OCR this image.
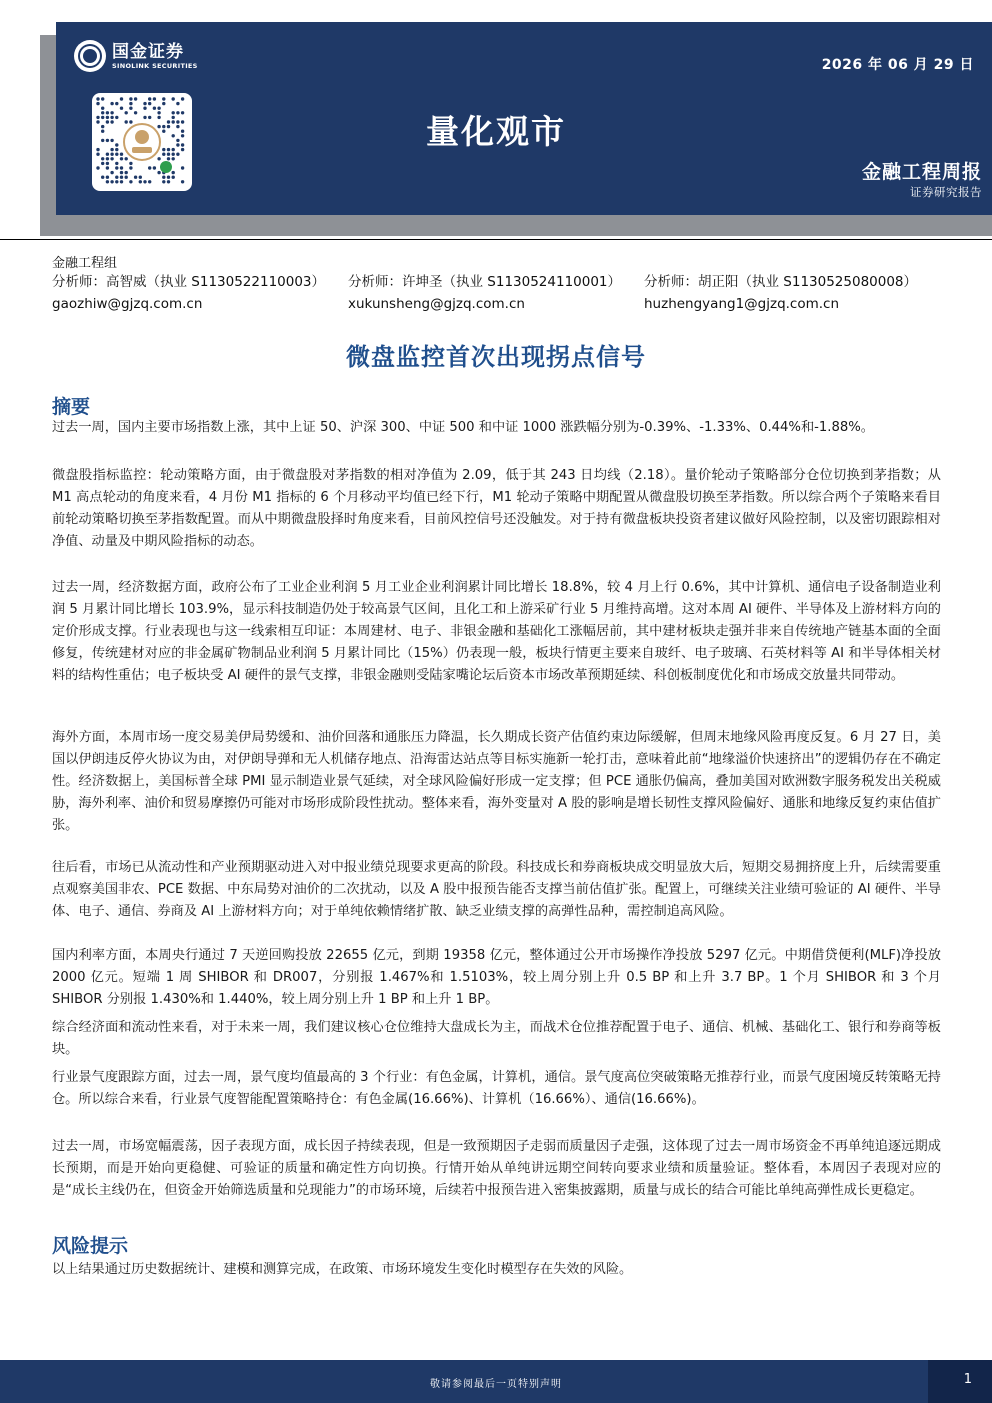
国金证券
SINOLINK SECURITIES	2026 年 06 月 29 日
量化观市
金融工程周报
证券研究报告
金融工程组
分析师：高智威（执业 S1130522110003）
gaozhiw@gjzq.com.cn
分析师：许坤圣（执业 S1130524110001）
xukunsheng@gjzq.com.cn
分析师：胡正阳（执业 S1130525080008）
huzhengyang1@gjzq.com.cn
微盘监控首次出现拐点信号
摘要

过去一周，国内主要市场指数上涨，其中上证 50、沪深 300、中证 500 和中证 1000 涨跌幅分别为-0.39%、-1.33%、0.44%和-1.88%。

微盘股指标监控：轮动策略方面，由于微盘股对茅指数的相对净值为 2.09，低于其 243 日均线（2.18）。量价轮动子策略部分仓位切换到茅指数；从 M1 高点轮动的角度来看，4 月份 M1 指标的 6 个月移动平均值已经下行，M1 轮动子策略中期配置从微盘股切换至茅指数。所以综合两个子策略来看目前轮动策略切换至茅指数配置。而从中期微盘股择时角度来看，目前风控信号还没触发。对于持有微盘板块投资者建议做好风险控制，以及密切跟踪相对净值、动量及中期风险指标的动态。

过去一周，经济数据方面，政府公布了工业企业利润 5 月工业企业利润累计同比增长 18.8%，较 4 月上行 0.6%，其中计算机、通信电子设备制造业利润 5 月累计同比增长 103.9%，显示科技制造仍处于较高景气区间，且化工和上游采矿行业 5 月维持高增。这对本周 AI 硬件、半导体及上游材料方向的定价形成支撑。行业表现也与这一线索相互印证：本周建材、电子、非银金融和基础化工涨幅居前，其中建材板块走强并非来自传统地产链基本面的全面修复，传统建材对应的非金属矿物制品业利润 5 月累计同比（15%）仍表现一般，板块行情更主要来自玻纤、电子玻璃、石英材料等 AI 和半导体相关材料的结构性重估；电子板块受 AI 硬件的景气支撑，非银金融则受陆家嘴论坛后资本市场改革预期延续、科创板制度优化和市场成交放量共同带动。

海外方面，本周市场一度交易美伊局势缓和、油价回落和通胀压力降温，长久期成长资产估值约束边际缓解，但周末地缘风险再度反复。6 月 27 日，美国以伊朗违反停火协议为由，对伊朗导弹和无人机储存地点、沿海雷达站点等目标实施新一轮打击，意味着此前“地缘溢价快速挤出”的逻辑仍存在不确定性。经济数据上，美国标普全球 PMI 显示制造业景气延续，对全球风险偏好形成一定支撑；但 PCE 通胀仍偏高，叠加美国对欧洲数字服务税发出关税威胁，海外利率、油价和贸易摩擦仍可能对市场形成阶段性扰动。整体来看，海外变量对 A 股的影响是增长韧性支撑风险偏好、通胀和地缘反复约束估值扩张。

往后看，市场已从流动性和产业预期驱动进入对中报业绩兑现要求更高的阶段。科技成长和券商板块成交明显放大后，短期交易拥挤度上升，后续需要重点观察美国非农、PCE 数据、中东局势对油价的二次扰动，以及 A 股中报预告能否支撑当前估值扩张。配置上，可继续关注业绩可验证的 AI 硬件、半导体、电子、通信、券商及 AI 上游材料方向；对于单纯依赖情绪扩散、缺乏业绩支撑的高弹性品种，需控制追高风险。

国内利率方面，本周央行通过 7 天逆回购投放 22655 亿元，到期 19358 亿元，整体通过公开市场操作净投放 5297 亿元。中期借贷便利(MLF)净投放 2000 亿元。短端 1 周 SHIBOR 和 DR007，分别报 1.467%和 1.5103%，较上周分别上升 0.5 BP 和上升 3.7 BP。1 个月 SHIBOR 和 3 个月 SHIBOR 分别报 1.430%和 1.440%，较上周分别上升 1 BP 和上升 1 BP。

综合经济面和流动性来看，对于未来一周，我们建议核心仓位维持大盘成长为主，而战术仓位推荐配置于电子、通信、机械、基础化工、银行和券商等板块。

行业景气度跟踪方面，过去一周，景气度均值最高的 3 个行业：有色金属，计算机，通信。景气度高位突破策略无推荐行业，而景气度困境反转策略无持仓。所以综合来看，行业景气度智能配置策略持仓：有色金属(16.66%)、计算机（16.66%）、通信(16.66%)。

过去一周，市场宽幅震荡，因子表现方面，成长因子持续表现，但是一致预期因子走弱而质量因子走强，这体现了过去一周市场资金不再单纯追逐远期成长预期，而是开始向更稳健、可验证的质量和确定性方向切换。行情开始从单纯讲远期空间转向要求业绩和质量验证。整体看，本周因子表现对应的是“成长主线仍在，但资金开始筛选质量和兑现能力”的市场环境，后续若中报预告进入密集披露期，质量与成长的结合可能比单纯高弹性成长更稳定。

风险提示

以上结果通过历史数据统计、建模和测算完成，在政策、市场环境发生变化时模型存在失效的风险。

敬请参阅最后一页特别声明	1
